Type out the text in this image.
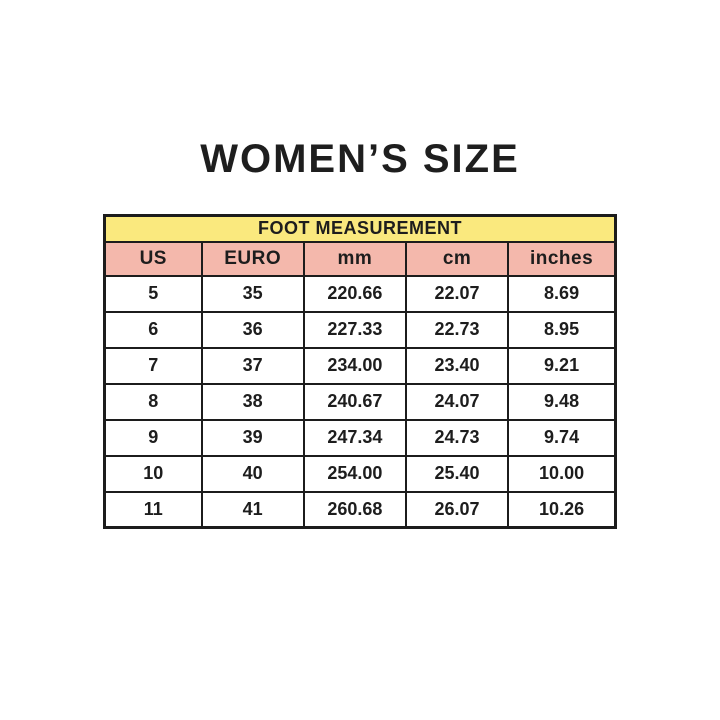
WOMEN’S SIZE
FOOT MEASUREMENT				
US	EURO	mm	cm	inches
5	35	220.66	22.07	8.69
6	36	227.33	22.73	8.95
7	37	234.00	23.40	9.21
8	38	240.67	24.07	9.48
9	39	247.34	24.73	9.74
10	40	254.00	25.40	10.00
11	41	260.68	26.07	10.26
